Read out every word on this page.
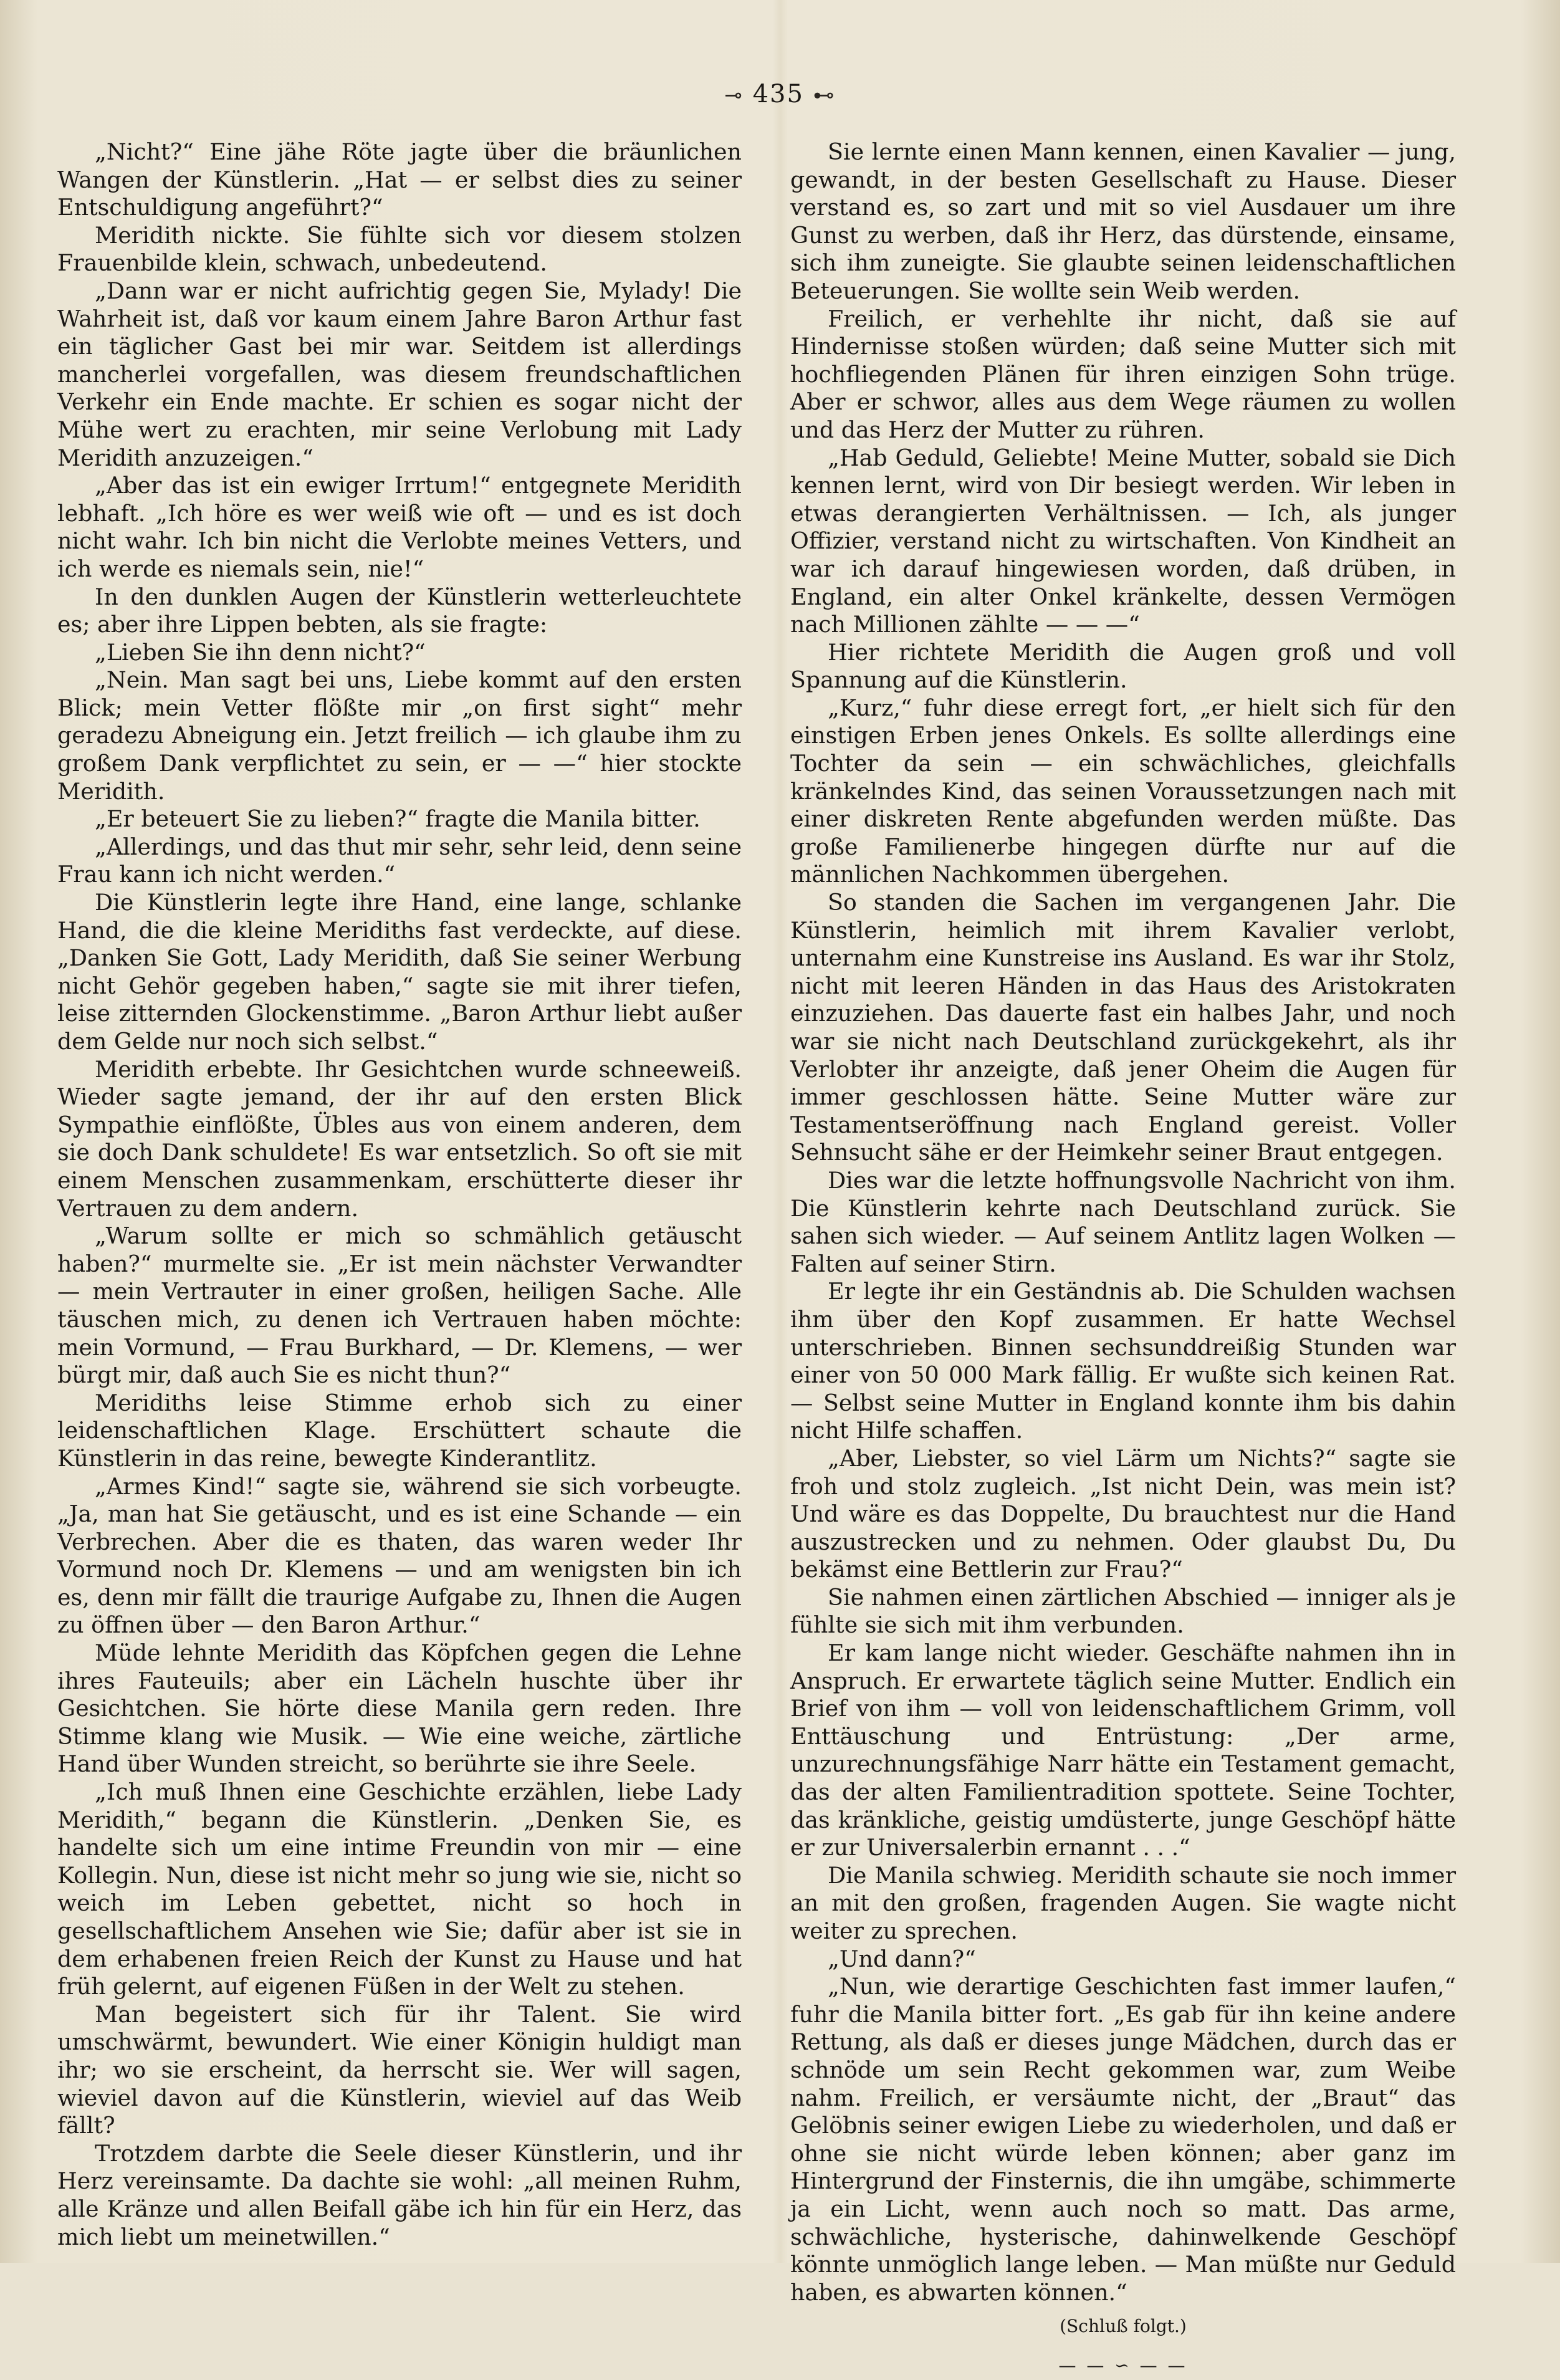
⊸ 435 ⊷

„Nicht?“ Eine jähe Röte jagte über die bräunlichen Wangen der Künstlerin. „Hat — er selbst dies zu seiner Entschuldigung angeführt?“

Meridith nickte. Sie fühlte sich vor diesem stolzen Frauenbilde klein, schwach, unbedeutend.

„Dann war er nicht aufrichtig gegen Sie, Mylady! Die Wahrheit ist, daß vor kaum einem Jahre Baron Arthur fast ein täglicher Gast bei mir war. Seitdem ist allerdings mancherlei vorgefallen, was diesem freundschaftlichen Verkehr ein Ende machte. Er schien es sogar nicht der Mühe wert zu erachten, mir seine Verlobung mit Lady Meridith anzuzeigen.“

„Aber das ist ein ewiger Irrtum!“ entgegnete Meridith lebhaft. „Ich höre es wer weiß wie oft — und es ist doch nicht wahr. Ich bin nicht die Verlobte meines Vetters, und ich werde es niemals sein, nie!“

In den dunklen Augen der Künstlerin wetterleuchtete es; aber ihre Lippen bebten, als sie fragte:

„Lieben Sie ihn denn nicht?“

„Nein. Man sagt bei uns, Liebe kommt auf den ersten Blick; mein Vetter flößte mir „on first sight“ mehr geradezu Abneigung ein. Jetzt freilich — ich glaube ihm zu großem Dank verpflichtet zu sein, er — —“ hier stockte Meridith.

„Er beteuert Sie zu lieben?“ fragte die Manila bitter.

„Allerdings, und das thut mir sehr, sehr leid, denn seine Frau kann ich nicht werden.“

Die Künstlerin legte ihre Hand, eine lange, schlanke Hand, die die kleine Meridiths fast verdeckte, auf diese. „Danken Sie Gott, Lady Meridith, daß Sie seiner Werbung nicht Gehör gegeben haben,“ sagte sie mit ihrer tiefen, leise zitternden Glockenstimme. „Baron Arthur liebt außer dem Gelde nur noch sich selbst.“

Meridith erbebte. Ihr Gesichtchen wurde schneeweiß. Wieder sagte jemand, der ihr auf den ersten Blick Sympathie einflößte, Übles aus von einem anderen, dem sie doch Dank schuldete! Es war entsetzlich. So oft sie mit einem Menschen zusammenkam, erschütterte dieser ihr Vertrauen zu dem andern.

„Warum sollte er mich so schmählich getäuscht haben?“ murmelte sie. „Er ist mein nächster Verwandter — mein Vertrauter in einer großen, heiligen Sache. Alle täuschen mich, zu denen ich Vertrauen haben möchte: mein Vormund, — Frau Burkhard, — Dr. Klemens, — wer bürgt mir, daß auch Sie es nicht thun?“

Meridiths leise Stimme erhob sich zu einer leidenschaftlichen Klage. Erschüttert schaute die Künstlerin in das reine, bewegte Kinderantlitz.

„Armes Kind!“ sagte sie, während sie sich vorbeugte. „Ja, man hat Sie getäuscht, und es ist eine Schande — ein Verbrechen. Aber die es thaten, das waren weder Ihr Vormund noch Dr. Klemens — und am wenigsten bin ich es, denn mir fällt die traurige Aufgabe zu, Ihnen die Augen zu öffnen über — den Baron Arthur.“

Müde lehnte Meridith das Köpfchen gegen die Lehne ihres Fauteuils; aber ein Lächeln huschte über ihr Gesichtchen. Sie hörte diese Manila gern reden. Ihre Stimme klang wie Musik. — Wie eine weiche, zärtliche Hand über Wunden streicht, so berührte sie ihre Seele.

„Ich muß Ihnen eine Geschichte erzählen, liebe Lady Meridith,“ begann die Künstlerin. „Denken Sie, es handelte sich um eine intime Freundin von mir — eine Kollegin. Nun, diese ist nicht mehr so jung wie sie, nicht so weich im Leben gebettet, nicht so hoch in gesellschaftlichem Ansehen wie Sie; dafür aber ist sie in dem erhabenen freien Reich der Kunst zu Hause und hat früh gelernt, auf eigenen Füßen in der Welt zu stehen.

Man begeistert sich für ihr Talent. Sie wird umschwärmt, bewundert. Wie einer Königin huldigt man ihr; wo sie erscheint, da herrscht sie. Wer will sagen, wieviel davon auf die Künstlerin, wieviel auf das Weib fällt?

Trotzdem darbte die Seele dieser Künstlerin, und ihr Herz vereinsamte. Da dachte sie wohl: „all meinen Ruhm, alle Kränze und allen Beifall gäbe ich hin für ein Herz, das mich liebt um meinetwillen.“

Sie lernte einen Mann kennen, einen Kavalier — jung, gewandt, in der besten Gesellschaft zu Hause. Dieser verstand es, so zart und mit so viel Ausdauer um ihre Gunst zu werben, daß ihr Herz, das dürstende, einsame, sich ihm zuneigte. Sie glaubte seinen leidenschaftlichen Beteuerungen. Sie wollte sein Weib werden.

Freilich, er verhehlte ihr nicht, daß sie auf Hindernisse stoßen würden; daß seine Mutter sich mit hochfliegenden Plänen für ihren einzigen Sohn trüge. Aber er schwor, alles aus dem Wege räumen zu wollen und das Herz der Mutter zu rühren.

„Hab Geduld, Geliebte! Meine Mutter, sobald sie Dich kennen lernt, wird von Dir besiegt werden. Wir leben in etwas derangierten Verhältnissen. — Ich, als junger Offizier, verstand nicht zu wirtschaften. Von Kindheit an war ich darauf hingewiesen worden, daß drüben, in England, ein alter Onkel kränkelte, dessen Vermögen nach Millionen zählte — — —“

Hier richtete Meridith die Augen groß und voll Spannung auf die Künstlerin.

„Kurz,“ fuhr diese erregt fort, „er hielt sich für den einstigen Erben jenes Onkels. Es sollte allerdings eine Tochter da sein — ein schwächliches, gleichfalls kränkelndes Kind, das seinen Voraussetzungen nach mit einer diskreten Rente abgefunden werden müßte. Das große Familienerbe hingegen dürfte nur auf die männlichen Nachkommen übergehen.

So standen die Sachen im vergangenen Jahr. Die Künstlerin, heimlich mit ihrem Kavalier verlobt, unternahm eine Kunstreise ins Ausland. Es war ihr Stolz, nicht mit leeren Händen in das Haus des Aristokraten einzuziehen. Das dauerte fast ein halbes Jahr, und noch war sie nicht nach Deutschland zurückgekehrt, als ihr Verlobter ihr anzeigte, daß jener Oheim die Augen für immer geschlossen hätte. Seine Mutter wäre zur Testamentseröffnung nach England gereist. Voller Sehnsucht sähe er der Heimkehr seiner Braut entgegen.

Dies war die letzte hoffnungsvolle Nachricht von ihm. Die Künstlerin kehrte nach Deutschland zurück. Sie sahen sich wieder. — Auf seinem Antlitz lagen Wolken — Falten auf seiner Stirn.

Er legte ihr ein Geständnis ab. Die Schulden wachsen ihm über den Kopf zusammen. Er hatte Wechsel unterschrieben. Binnen sechsunddreißig Stunden war einer von 50 000 Mark fällig. Er wußte sich keinen Rat. — Selbst seine Mutter in England konnte ihm bis dahin nicht Hilfe schaffen.

„Aber, Liebster, so viel Lärm um Nichts?“ sagte sie froh und stolz zugleich. „Ist nicht Dein, was mein ist? Und wäre es das Doppelte, Du brauchtest nur die Hand auszustrecken und zu nehmen. Oder glaubst Du, Du bekämst eine Bettlerin zur Frau?“

Sie nahmen einen zärtlichen Abschied — inniger als je fühlte sie sich mit ihm verbunden.

Er kam lange nicht wieder. Geschäfte nahmen ihn in Anspruch. Er erwartete täglich seine Mutter. Endlich ein Brief von ihm — voll von leidenschaftlichem Grimm, voll Enttäuschung und Entrüstung: „Der arme, unzurechnungsfähige Narr hätte ein Testament gemacht, das der alten Familientradition spottete. Seine Tochter, das kränkliche, geistig umdüsterte, junge Geschöpf hätte er zur Universalerbin ernannt . . .“

Die Manila schwieg. Meridith schaute sie noch immer an mit den großen, fragenden Augen. Sie wagte nicht weiter zu sprechen.

„Und dann?“

„Nun, wie derartige Geschichten fast immer laufen,“ fuhr die Manila bitter fort. „Es gab für ihn keine andere Rettung, als daß er dieses junge Mädchen, durch das er schnöde um sein Recht gekommen war, zum Weibe nahm. Freilich, er versäumte nicht, der „Braut“ das Gelöbnis seiner ewigen Liebe zu wiederholen, und daß er ohne sie nicht würde leben können; aber ganz im Hintergrund der Finsternis, die ihn umgäbe, schimmerte ja ein Licht, wenn auch noch so matt. Das arme, schwächliche, hysterische, dahinwelkende Geschöpf könnte unmöglich lange leben. — Man müßte nur Geduld haben, es abwarten können.“

(Schluß folgt.)

— — ∽ — —
